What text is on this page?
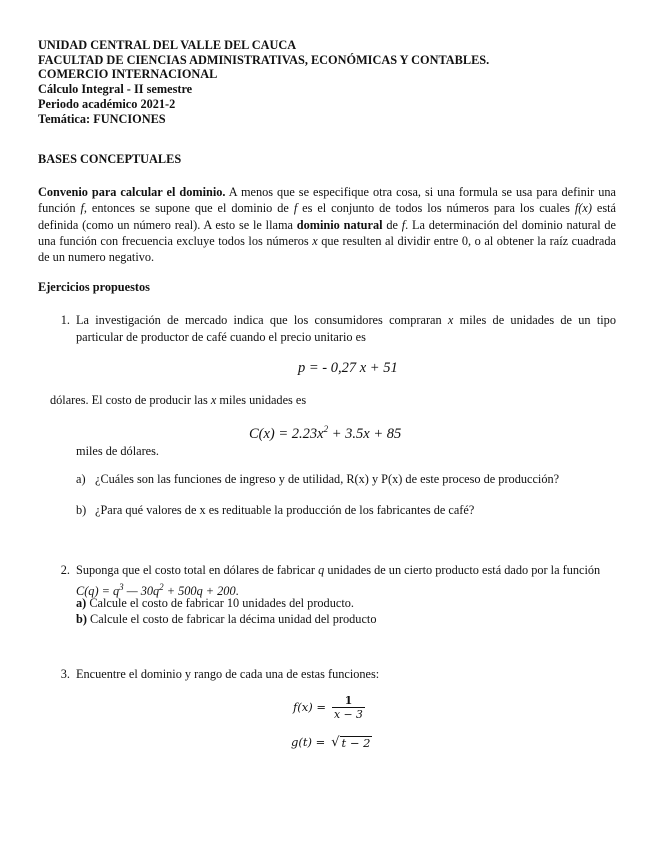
UNIDAD CENTRAL DEL VALLE DEL CAUCA
FACULTAD DE CIENCIAS ADMINISTRATIVAS, ECONÓMICAS Y CONTABLES.
COMERCIO INTERNACIONAL
Cálculo Integral - II semestre
Periodo académico 2021-2
Temática: FUNCIONES
BASES CONCEPTUALES
Convenio para calcular el dominio. A menos que se especifique otra cosa, si una formula se usa para definir una función f, entonces se supone que el dominio de f es el conjunto de todos los números para los cuales f(x) está definida (como un número real). A esto se le llama dominio natural de f. La determinación del dominio natural de una función con frecuencia excluye todos los números x que resulten al dividir entre 0, o al obtener la raíz cuadrada de un numero negativo.
Ejercicios propuestos
1. La investigación de mercado indica que los consumidores compraran x miles de unidades de un tipo particular de productor de café cuando el precio unitario es
p = - 0,27 x + 51
dólares. El costo de producir las x miles unidades es
$C(x) = 2.23x^2 + 3.5x + 85$
miles de dólares.
a) ¿Cuáles son las funciones de ingreso y de utilidad, R(x) y P(x) de este proceso de producción?
b) ¿Para qué valores de x es redituable la producción de los fabricantes de café?
2. Suponga que el costo total en dólares de fabricar q unidades de un cierto producto está dado por la función $C(q) = q^3$ — $30q^2 + 500q + 200$.
a) Calcule el costo de fabricar 10 unidades del producto.
b) Calcule el costo de fabricar la décima unidad del producto
3. Encuentre el dominio y rango de cada una de estas funciones:
$f(x) = \frac{1}{x - 3}$
g(t) = √ t − 2
